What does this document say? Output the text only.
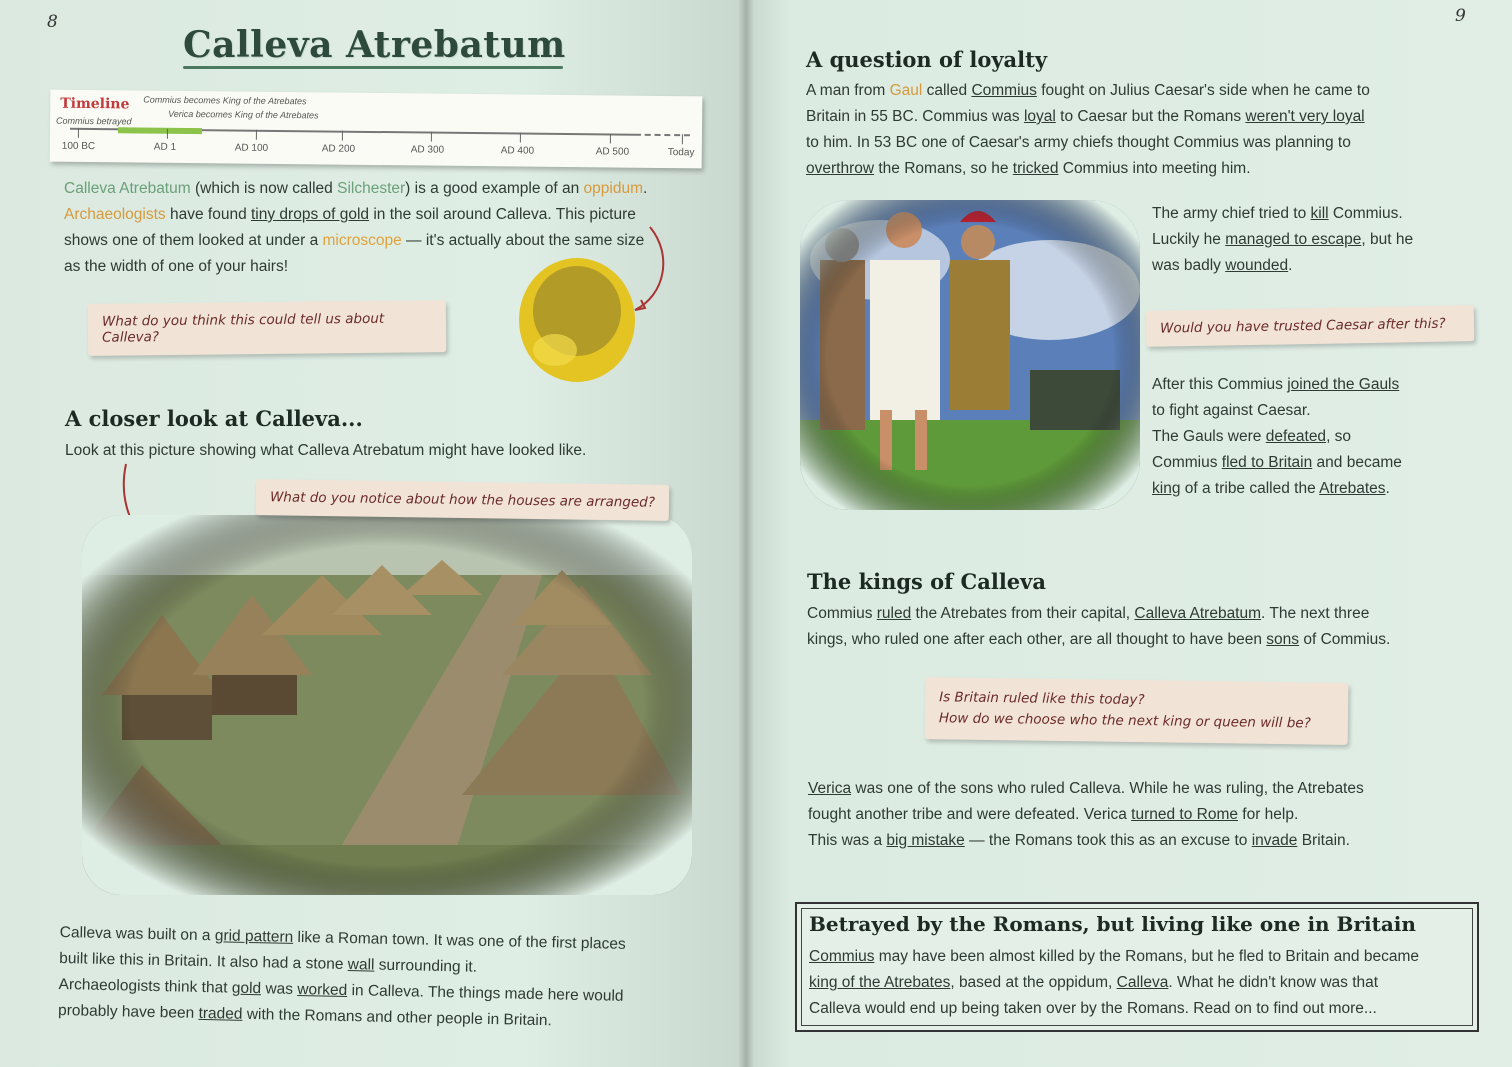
8
Calleva Atrebatum
Timeline Commius becomes King of the Atrebates
Commius betrayed
Verica becomes King of the Atrebates
100 BC	AD 1	AD 100	AD 200	AD 300	AD 400	AD 500	Today
Calleva Atrebatum (which is now called Silchester) is a good example of an oppidum.
Archaeologists have found tiny drops of gold in the soil around Calleva. This picture
shows one of them looked at under a microscope — it's actually about the same size
as the width of one of your hairs!
What do you think this could tell us about Calleva?
A closer look at Calleva...
Look at this picture showing what Calleva Atrebatum might have looked like.
What do you notice about how the houses are arranged?
Calleva was built on a grid pattern like a Roman town. It was one of the first places
built like this in Britain. It also had a stone wall surrounding it.
Archaeologists think that gold was worked in Calleva. The things made here would
probably have been traded with the Romans and other people in Britain.
9
A question of loyalty
A man from Gaul called Commius fought on Julius Caesar's side when he came to
Britain in 55 BC. Commius was loyal to Caesar but the Romans weren't very loyal
to him. In 53 BC one of Caesar's army chiefs thought Commius was planning to
overthrow the Romans, so he tricked Commius into meeting him.
The army chief tried to kill Commius.
Luckily he managed to escape, but he
was badly wounded.
Would you have trusted Caesar after this?
After this Commius joined the Gauls
to fight against Caesar.
The Gauls were defeated, so
Commius fled to Britain and became
king of a tribe called the Atrebates.
The kings of Calleva
Commius ruled the Atrebates from their capital, Calleva Atrebatum. The next three
kings, who ruled one after each other, are all thought to have been sons of Commius.
Is Britain ruled like this today?
How do we choose who the next king or queen will be?
Verica was one of the sons who ruled Calleva. While he was ruling, the Atrebates
fought another tribe and were defeated. Verica turned to Rome for help.
This was a big mistake — the Romans took this as an excuse to invade Britain.
Betrayed by the Romans, but living like one in Britain
Commius may have been almost killed by the Romans, but he fled to Britain and became
king of the Atrebates, based at the oppidum, Calleva. What he didn't know was that
Calleva would end up being taken over by the Romans. Read on to find out more...
